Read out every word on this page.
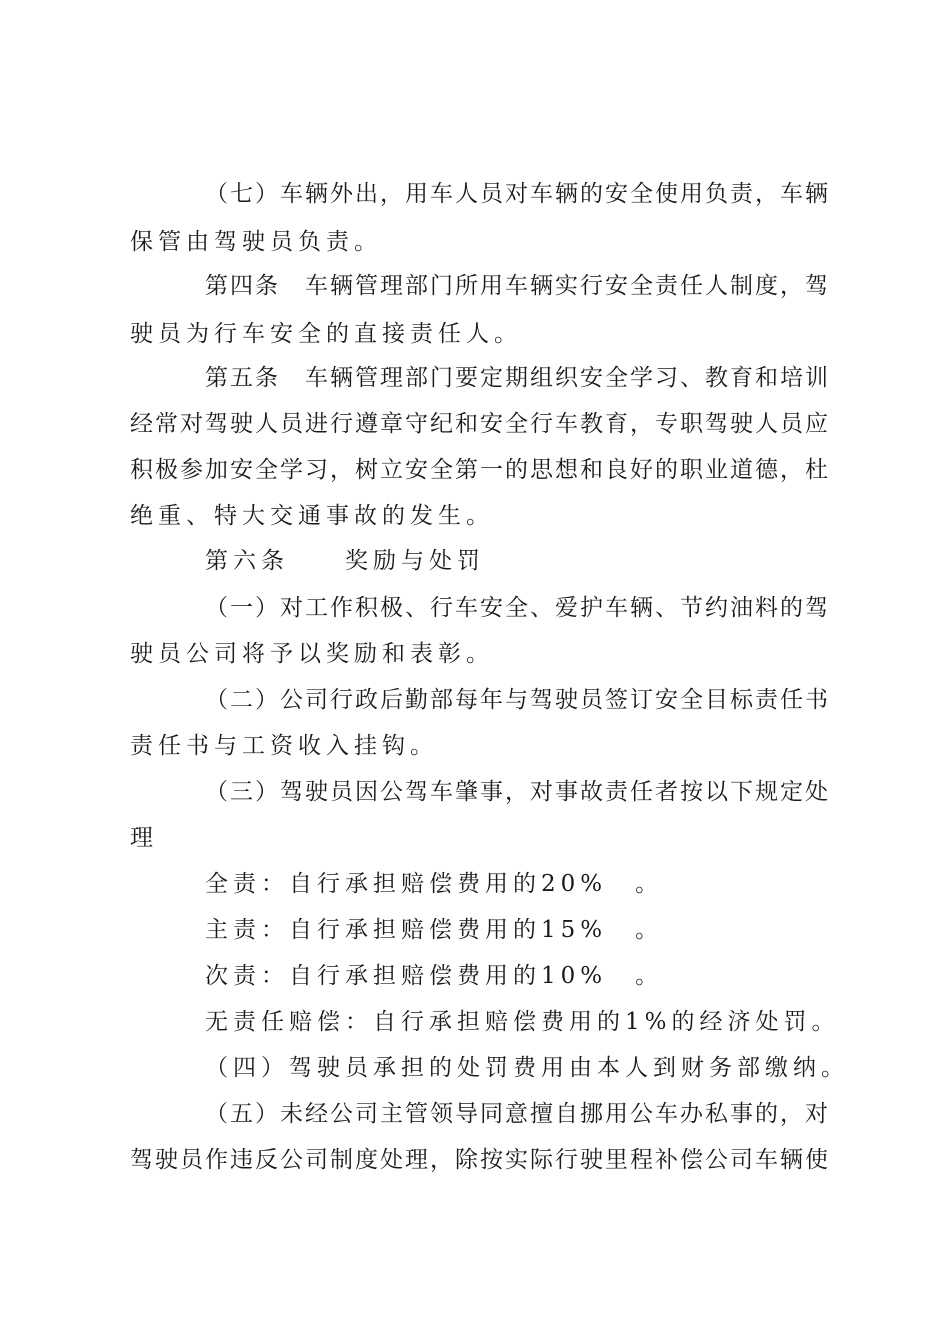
（七）车辆外出，用车人员对车辆的安全使用负责，车辆
保管由驾驶员负责。
第四条　车辆管理部门所用车辆实行安全责任人制度，驾
驶员为行车安全的直接责任人。
第五条　车辆管理部门要定期组织安全学习、教育和培训
经常对驾驶人员进行遵章守纪和安全行车教育，专职驾驶人员应
积极参加安全学习，树立安全第一的思想和良好的职业道德，杜
绝重、特大交通事故的发生。
第六条　　奖励与处罚
（一）对工作积极、行车安全、爱护车辆、节约油料的驾
驶员公司将予以奖励和表彰。
（二）公司行政后勤部每年与驾驶员签订安全目标责任书
责任书与工资收入挂钩。
（三）驾驶员因公驾车肇事，对事故责任者按以下规定处
理
全责：自行承担赔偿费用的20%　。
主责：自行承担赔偿费用的15%　。
次责：自行承担赔偿费用的10%　。
无责任赔偿：自行承担赔偿费用的1%的经济处罚。
（四）驾驶员承担的处罚费用由本人到财务部缴纳。
（五）未经公司主管领导同意擅自挪用公车办私事的，对
驾驶员作违反公司制度处理，除按实际行驶里程补偿公司车辆使
